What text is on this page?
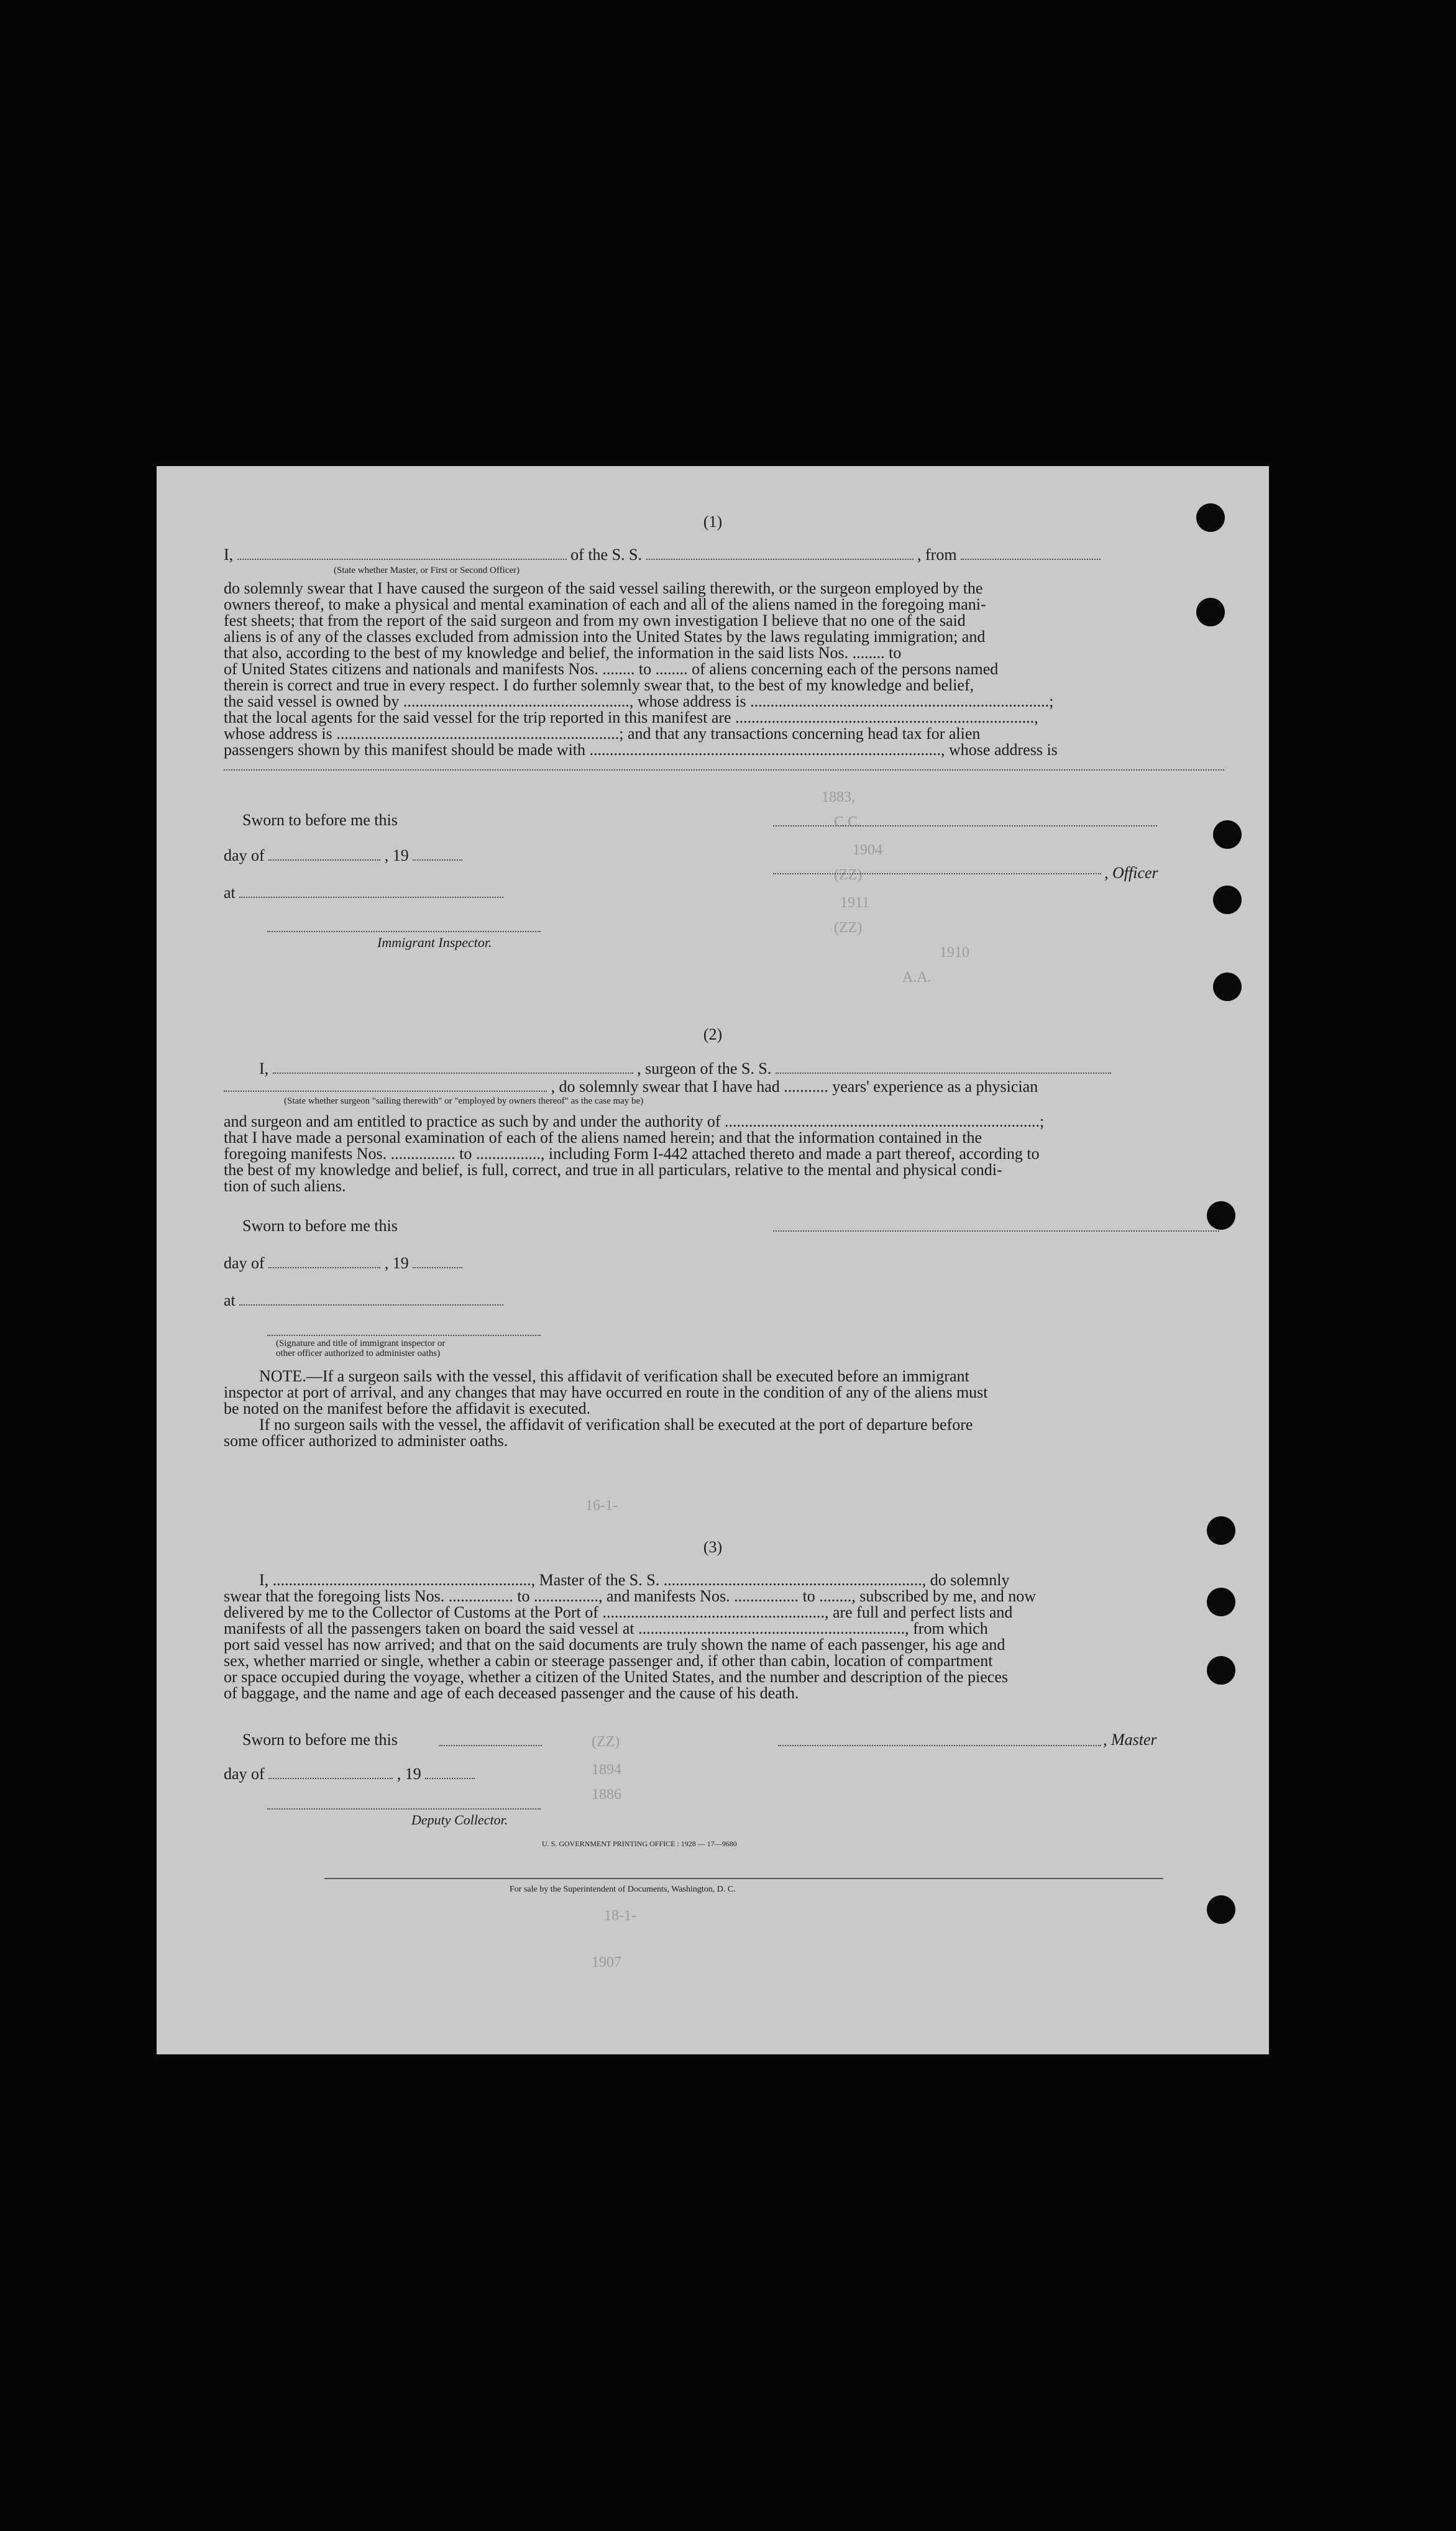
1883,
C.C.
1904
(ZZ)
1911
(ZZ)
1910
A.A.
16-1-
(ZZ)
1894
1886
18-1-
1907
(1)
I,	of the S. S.	, from
(State whether Master, or First or Second Officer)
do solemnly swear that I have caused the surgeon of the said vessel sailing therewith, or the surgeon employed by the
owners thereof, to make a physical and mental examination of each and all of the aliens named in the foregoing mani-
fest sheets; that from the report of the said surgeon and from my own investigation I believe that no one of the said
aliens is of any of the classes excluded from admission into the United States by the laws regulating immigration; and
that also, according to the best of my knowledge and belief, the information in the said lists Nos. ........ to
of United States citizens and nationals and manifests Nos. ........ to ........ of aliens concerning each of the persons named
therein is correct and true in every respect. I do further solemnly swear that, to the best of my knowledge and belief,
the said vessel is owned by ........................................................, whose address is ..........................................................................;
that the local agents for the said vessel for the trip reported in this manifest are ..........................................................................,
whose address is ......................................................................; and that any transactions concerning head tax for alien
passengers shown by this manifest should be made with ......................................................................................., whose address is
Sworn to before me this
day of	, 19
, Officer
at
Immigrant Inspector.
(2)
I,	, surgeon of the S. S.
, do solemnly swear that I have had ........... years' experience as a physician
(State whether surgeon "sailing therewith" or "employed by owners thereof" as the case may be)
and surgeon and am entitled to practice as such by and under the authority of ..............................................................................;
that I have made a personal examination of each of the aliens named herein; and that the information contained in the
foregoing manifests Nos. ................ to ................, including Form I-442 attached thereto and made a part thereof, according to
the best of my knowledge and belief, is full, correct, and true in all particulars, relative to the mental and physical condi-
tion of such aliens.
Sworn to before me this
day of	, 19
at
(Signature and title of immigrant inspector or
other officer authorized to administer oaths)
NOTE.—If a surgeon sails with the vessel, this affidavit of verification shall be executed before an immigrant
inspector at port of arrival, and any changes that may have occurred en route in the condition of any of the aliens must
be noted on the manifest before the affidavit is executed.
If no surgeon sails with the vessel, the affidavit of verification shall be executed at the port of departure before
some officer authorized to administer oaths.
(3)
I, ................................................................, Master of the S. S. ................................................................, do solemnly
swear that the foregoing lists Nos. ................ to ................, and manifests Nos. ................ to ........, subscribed by me, and now
delivered by me to the Collector of Customs at the Port of ......................................................., are full and perfect lists and
manifests of all the passengers taken on board the said vessel at .................................................................., from which
port said vessel has now arrived; and that on the said documents are truly shown the name of each passenger, his age and
sex, whether married or single, whether a cabin or steerage passenger and, if other than cabin, location of compartment
or space occupied during the voyage, whether a citizen of the United States, and the number and description of the pieces
of baggage, and the name and age of each deceased passenger and the cause of his death.
Sworn to before me this	, Master
day of	, 19
Deputy Collector.
U. S. GOVERNMENT PRINTING OFFICE : 1928 — 17—9680
For sale by the Superintendent of Documents, Washington, D. C.
